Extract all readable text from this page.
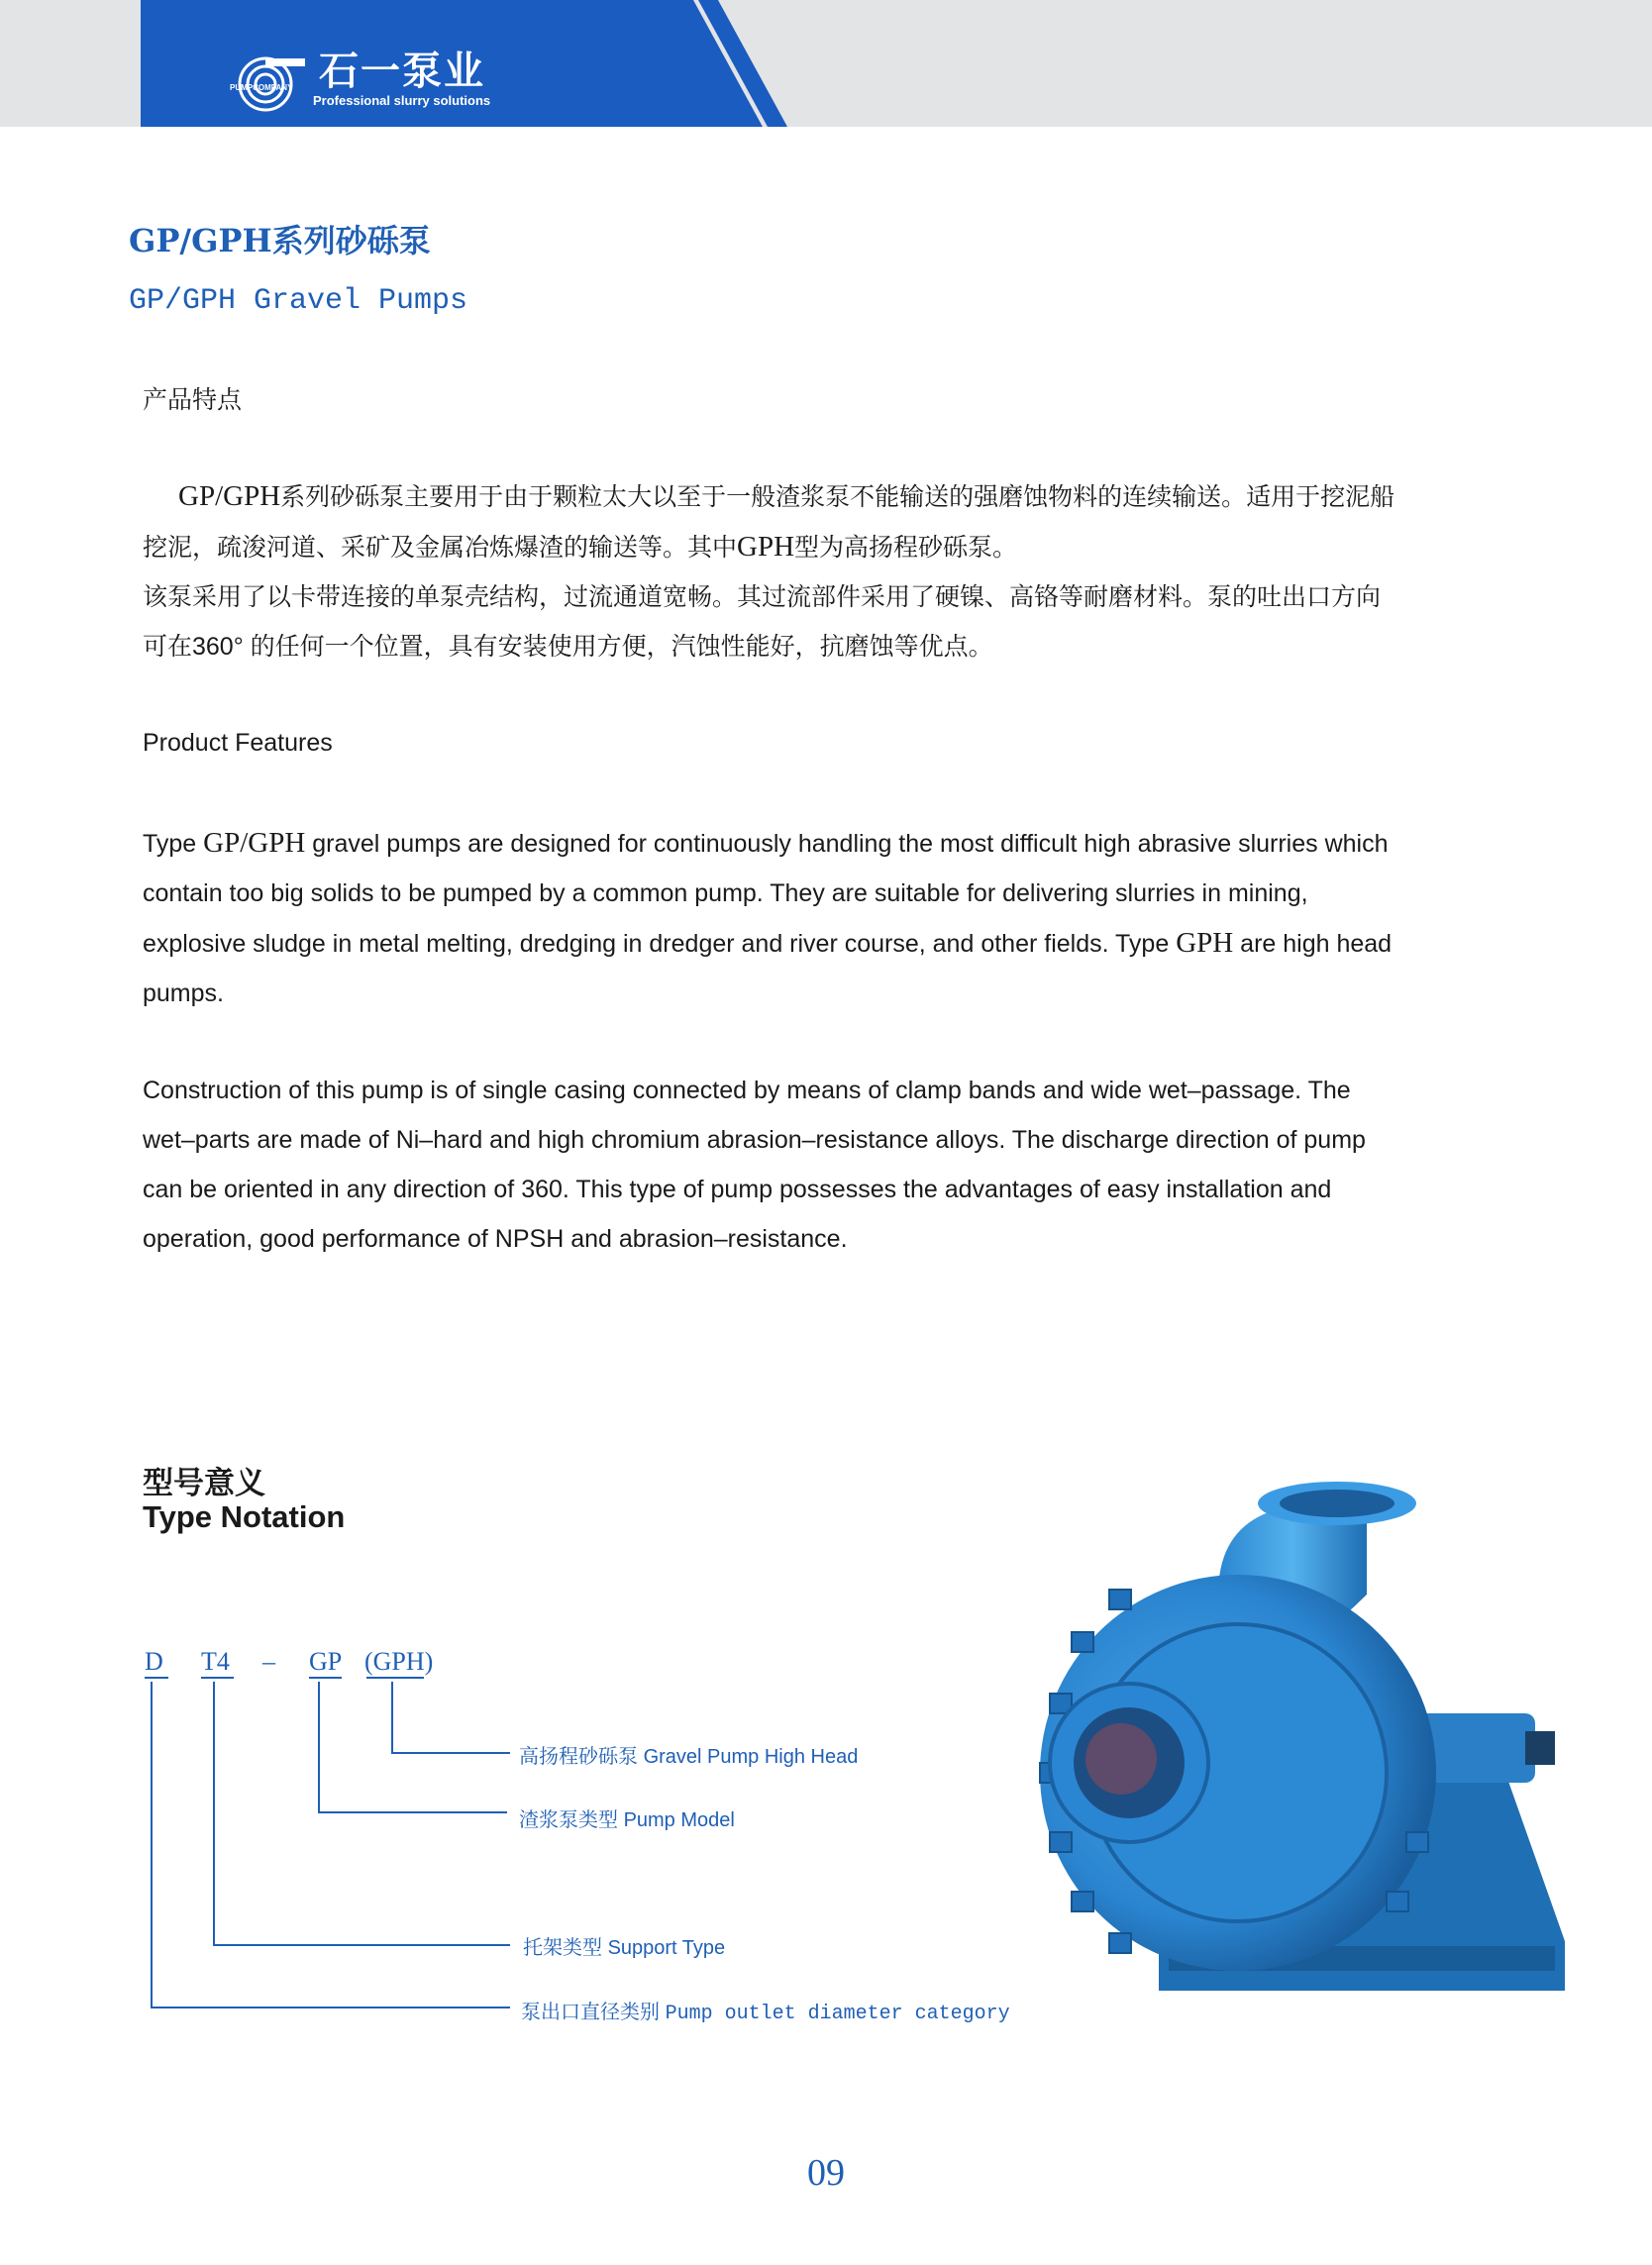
PUMPCOMPANY 石一泵业
Professional slurry solutions
GP/GPH系列砂砾泵
GP/GPH Gravel Pumps
产品特点

GP/GPH系列砂砾泵主要用于由于颗粒太大以至于一般渣浆泵不能输送的强磨蚀物料的连续输送。适用于挖泥船

挖泥，疏浚河道、采矿及金属冶炼爆渣的输送等。其中GPH型为高扬程砂砾泵。

该泵采用了以卡带连接的单泵壳结构，过流通道宽畅。其过流部件采用了硬镍、高铬等耐磨材料。泵的吐出口方向

可在360° 的任何一个位置，具有安装使用方便，汽蚀性能好，抗磨蚀等优点。

Product Features

Type GP/GPH gravel pumps are designed for continuously handling the most difficult high abrasive slurries which

contain too big solids to be pumped by a common pump. They are suitable for delivering slurries in mining,

explosive sludge in metal melting, dredging in dredger and river course, and other fields. Type GPH are high head

pumps.

Construction of this pump is of single casing connected by means of clamp bands and wide wet–passage. The

wet–parts are made of Ni–hard and high chromium abrasion–resistance alloys. The discharge direction of pump

can be oriented in any direction of 360. This type of pump possesses the advantages of easy installation and

operation, good performance of NPSH and abrasion–resistance.

型号意义
Type Notation
D T4 – GP (GPH)
高扬程砂砾泵 Gravel Pump High Head
渣浆泵类型 Pump Model
托架类型 Support Type
泵出口直径类别 Pump outlet diameter category
09
